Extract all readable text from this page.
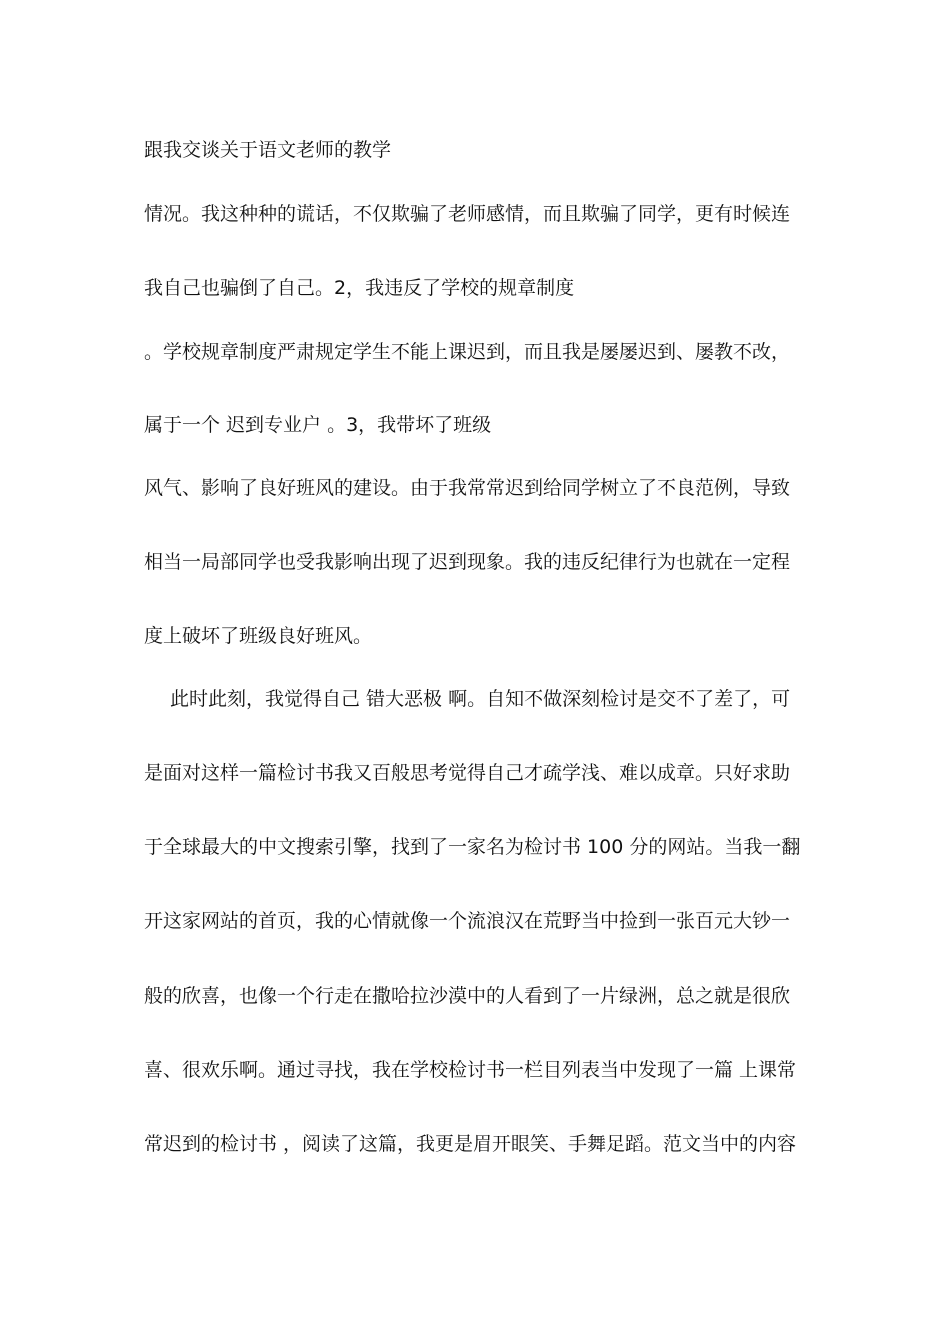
跟我交谈关于语文老师的教学
情况。我这种种的谎话，不仅欺骗了老师感情，而且欺骗了同学，更有时候连
我自己也骗倒了自己。2，我违反了学校的规章制度
。学校规章制度严肃规定学生不能上课迟到，而且我是屡屡迟到、屡教不改，
属于一个 迟到专业户 。3，我带坏了班级
风气、影响了良好班风的建设。由于我常常迟到给同学树立了不良范例，导致
相当一局部同学也受我影响出现了迟到现象。我的违反纪律行为也就在一定程
度上破坏了班级良好班风。
此时此刻，我觉得自己 错大恶极 啊。自知不做深刻检讨是交不了差了，可
是面对这样一篇检讨书我又百般思考觉得自己才疏学浅、难以成章。只好求助
于全球最大的中文搜索引擎，找到了一家名为检讨书 100 分的网站。当我一翻
开这家网站的首页，我的心情就像一个流浪汉在荒野当中捡到一张百元大钞一
般的欣喜，也像一个行走在撒哈拉沙漠中的人看到了一片绿洲，总之就是很欣
喜、很欢乐啊。通过寻找，我在学校检讨书一栏目列表当中发现了一篇 上课常
常迟到的检讨书 ，阅读了这篇，我更是眉开眼笑、手舞足蹈。范文当中的内容
